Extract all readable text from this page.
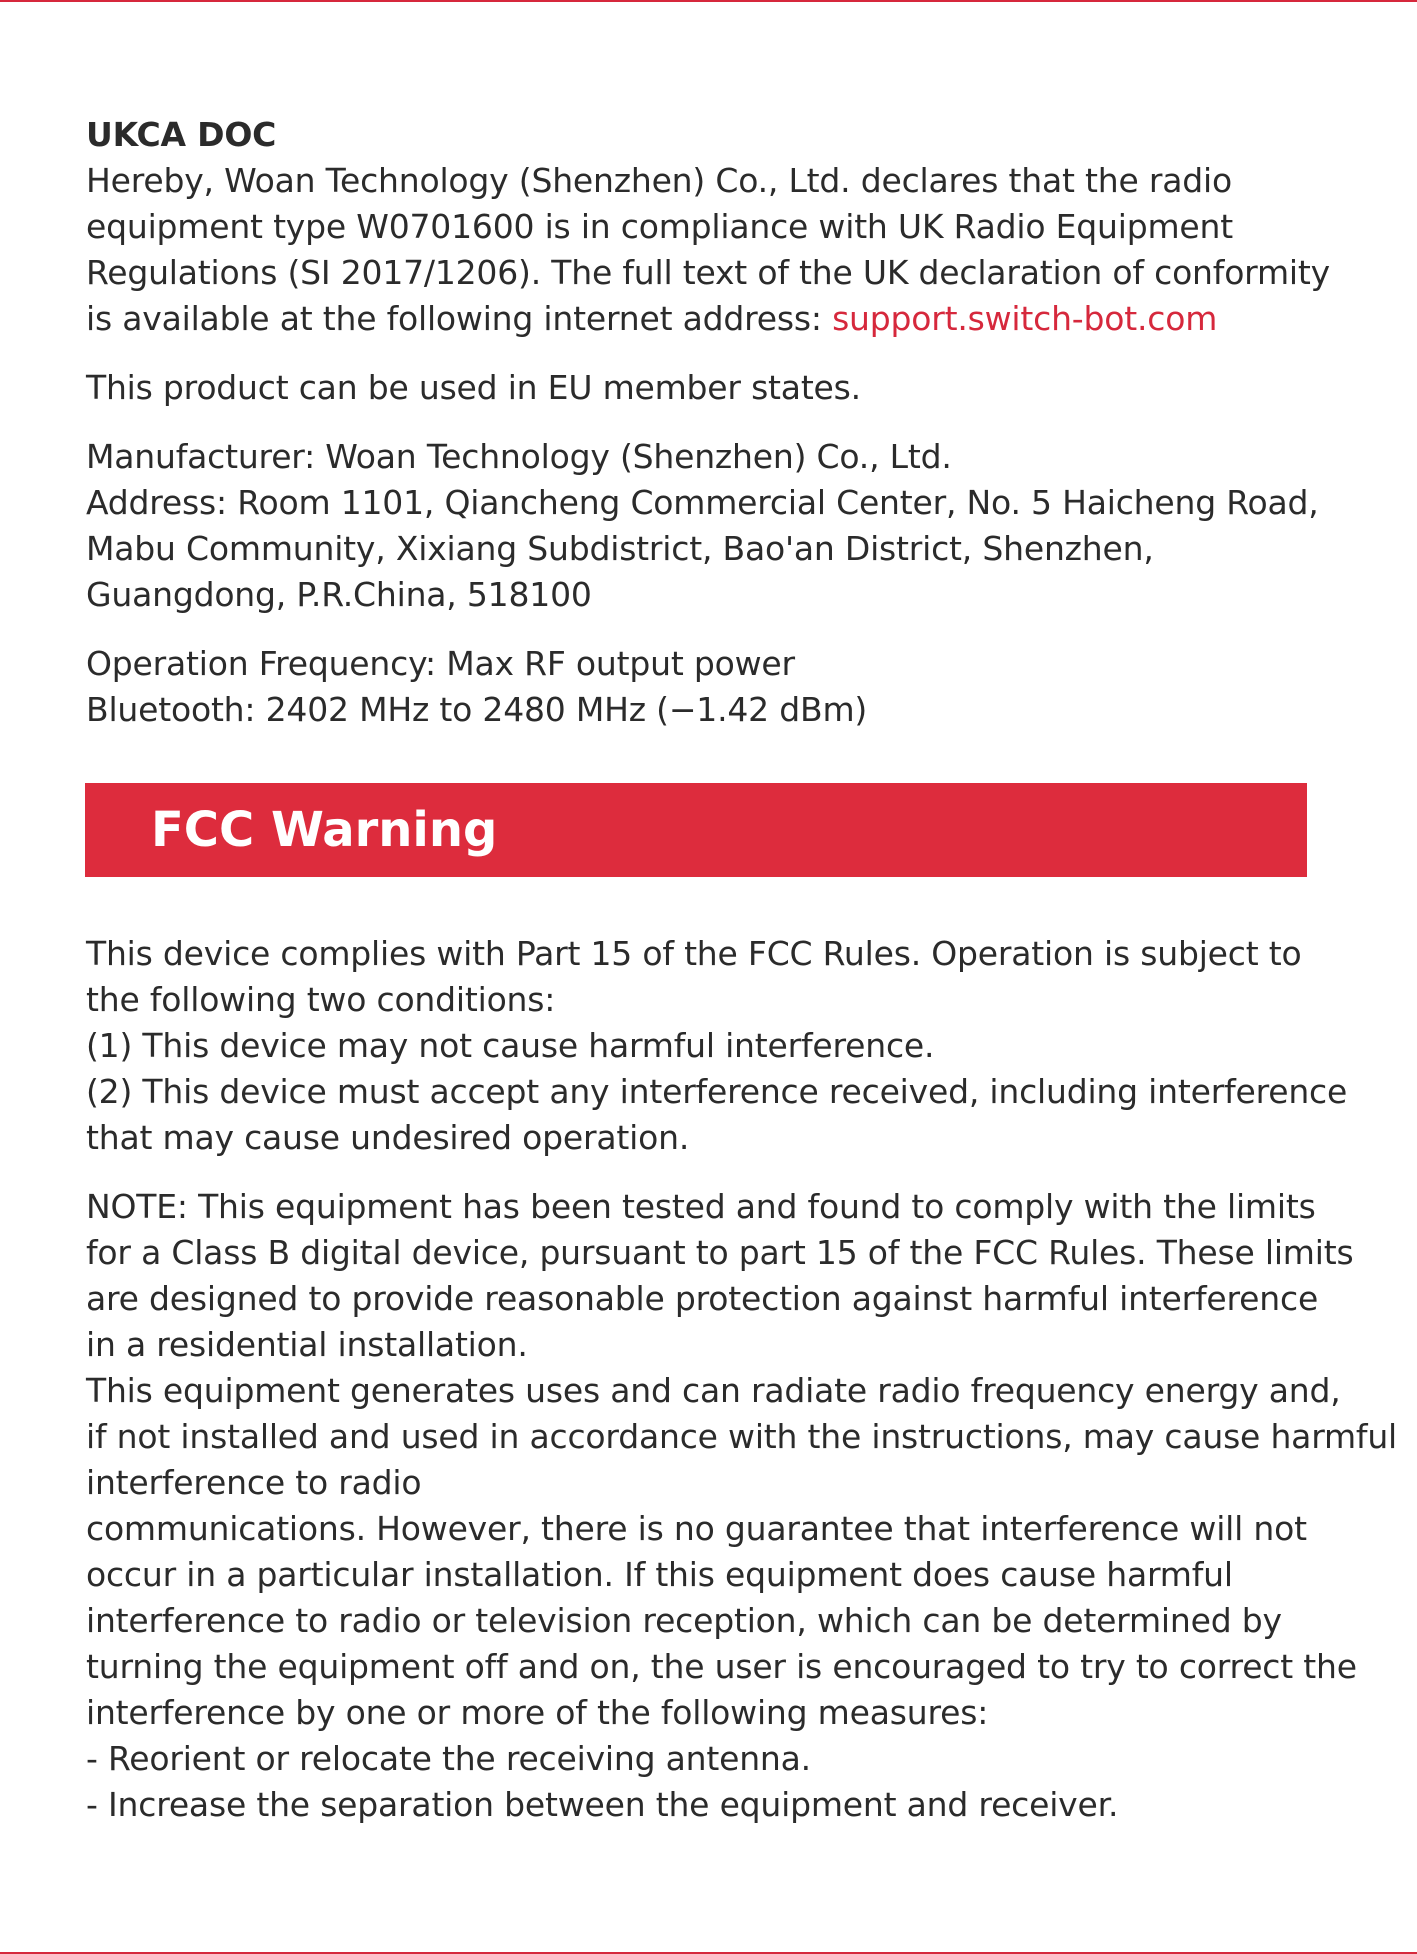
UKCA DOC
Hereby, Woan Technology (Shenzhen) Co., Ltd. declares that the radio
equipment type W0701600 is in compliance with UK Radio Equipment
Regulations (SI 2017/1206). The full text of the UK declaration of conformity
is available at the following internet address: support.switch-bot.com
This product can be used in EU member states.
Manufacturer: Woan Technology (Shenzhen) Co., Ltd.
Address: Room 1101, Qiancheng Commercial Center, No. 5 Haicheng Road,
Mabu Community, Xixiang Subdistrict, Bao'an District, Shenzhen,
Guangdong, P.R.China, 518100
Operation Frequency: Max RF output power
Bluetooth: 2402 MHz to 2480 MHz (−1.42 dBm)
FCC Warning
This device complies with Part 15 of the FCC Rules. Operation is subject to
the following two conditions:
(1) This device may not cause harmful interference.
(2) This device must accept any interference received, including interference
that may cause undesired operation.
NOTE: This equipment has been tested and found to comply with the limits
for a Class B digital device, pursuant to part 15 of the FCC Rules. These limits
are designed to provide reasonable protection against harmful interference
in a residential installation.
This equipment generates uses and can radiate radio frequency energy and,
if not installed and used in accordance with the instructions, may cause harmful
interference to radio
communications. However, there is no guarantee that interference will not
occur in a particular installation. If this equipment does cause harmful
interference to radio or television reception, which can be determined by
turning the equipment off and on, the user is encouraged to try to correct the
interference by one or more of the following measures:
- Reorient or relocate the receiving antenna.
- Increase the separation between the equipment and receiver.
